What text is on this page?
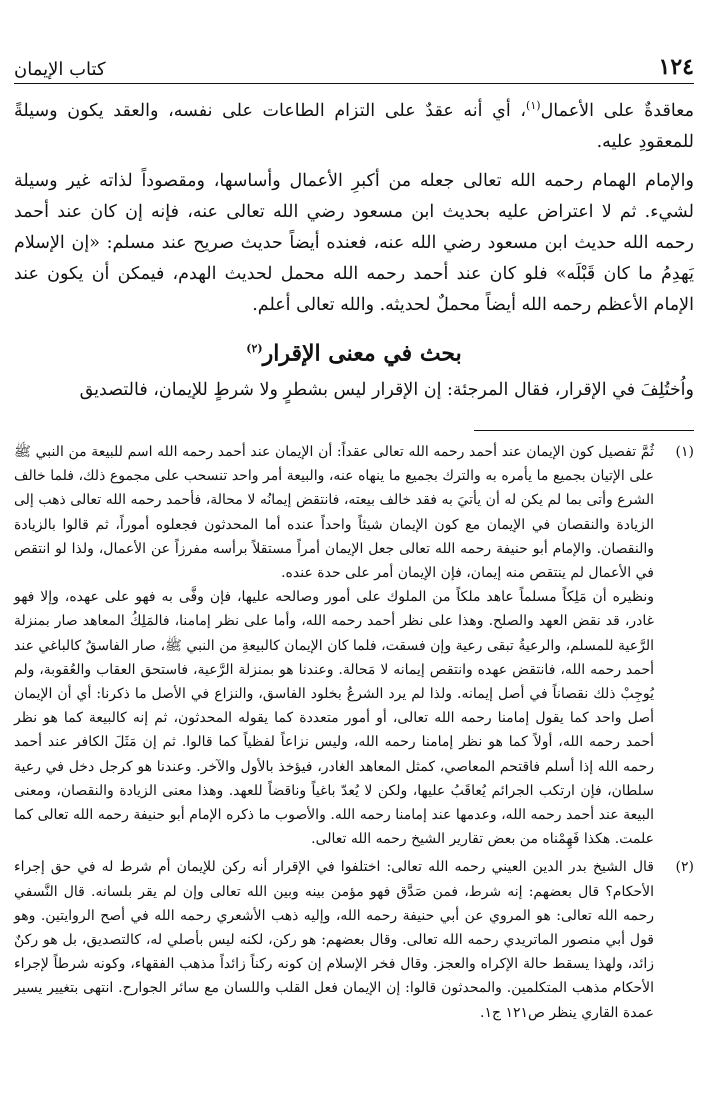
١٢٤
كتاب الإيمان

معاقدةٌ على الأعمال$^{(١)}$، أي أنه عقدٌ على التزام الطاعات على نفسه، والعقد يكون وسيلةً للمعقودِ عليه.

والإمام الهمام رحمه الله تعالى جعله من أكبرِ الأعمال وأساسها، ومقصوداً لذاته غير وسيلة لشيء. ثم لا اعتراض عليه بحديث ابن مسعود رضي الله تعالى عنه، فإنه إن كان عند أحمد رحمه الله حديث ابن مسعود رضي الله عنه، فعنده أيضاً حديث صريح عند مسلم: «إن الإسلام يَهدِمُ ما كان قَبْلَه» فلو كان عند أحمد رحمه الله محمل لحديث الهدم، فيمكن أن يكون عند الإمام الأعظم رحمه الله أيضاً محملٌ لحديثه. والله تعالى أعلم.

بحث في معنى الإقرار$^{(٢)}$

واُختُلِفَ في الإقرار، فقال المرجئة: إن الإقرار ليس بشطرٍ ولا شرطٍ للإيمان، فالتصديق

(١)

ثُمَّ تفصيل كون الإيمان عند أحمد رحمه الله تعالى عقداً: أن الإيمان عند أحمد رحمه الله اسم للبيعة من النبي ﷺ على الإتيان بجميع ما يأمره به والترك بجميع ما ينهاه عنه، والبيعة أمر واحد تنسحب على مجموع ذلك، فلما خالف الشرع وأتى بما لم يكن له أن يأتيَ به فقد خالف بيعته، فانتقض إيمانُه لا محالة، فأحمد رحمه الله تعالى ذهب إلى الزيادة والنقصان في الإيمان مع كون الإيمان شيئاً واحداً عنده أما المحدثون فجعلوه أموراً، ثم قالوا بالزيادة والنقصان. والإمام أبو حنيفة رحمه الله تعالى جعل الإيمان أمراً مستقلاً برأسه مفرزاً عن الأعمال، ولذا لو انتقص في الأعمال لم ينتقص منه إيمان، فإن الإيمان أمر على حدة عنده.

ونظيره أن مَلِكاً مسلماً عاهد ملكاً من الملوك على أمور وصالحه عليها، فإن وفَّى به فهو على عهده، وإلا فهو غادر، قد نقض العهد والصلح. وهذا على نظر أحمد رحمه الله، وأما على نظر إمامنا، فالمَلِكُ المعاهد صار بمنزلة الرَّعية للمسلم، والرعيةُ تبقى رعية وإن فسقت، فلما كان الإيمان كالبيعةِ من النبي ﷺ، صار الفاسقُ كالباغي عند أحمد رحمه الله، فانتقض عهده وانتقص إيمانه لا مَحالة. وعندنا هو بمنزلة الرَّعية، فاستحق العقاب والعُقوبة، ولم يُوجِبْ ذلك نقصاناً في أصل إيمانه. ولذا لم يرد الشرعُ بخلود الفاسق، والنزاع في الأصل ما ذكرنا: أي أن الإيمان أصل واحد كما يقول إمامنا رحمه الله تعالى، أو أمور متعددة كما يقوله المحدثون، ثم إنه كالبيعة كما هو نظر أحمد رحمه الله، أولاً كما هو نظر إمامنا رحمه الله، وليس نزاعاً لفظياً كما قالوا. ثم إن مَثَلَ الكافر عند أحمد رحمه الله إذا أسلم فاقتحم المعاصي، كمثل المعاهد الغادر، فيؤخذ بالأول والآخر. وعندنا هو كرجل دخل في رعية سلطان، فإن ارتكب الجرائم يُعاقَبُ عليها، ولكن لا يُعدّ باغياً وناقضاً للعهد. وهذا معنى الزيادة والنقصان، ومعنى البيعة عند أحمد رحمه الله، وعدمها عند إمامنا رحمه الله. والأصوب ما ذكره الإمام أبو حنيفة رحمه الله تعالى كما علمت. هكذا فَهِمْناه من بعض تقارير الشيخ رحمه الله تعالى.

(٢)

قال الشيخ بدر الدين العيني رحمه الله تعالى: اختلفوا في الإقرار أنه ركن للإيمان أم شرط له في حق إجراء الأحكام؟ قال بعضهم: إنه شرط، فمن صَدَّق فهو مؤمن بينه وبين الله تعالى وإن لم يقر بلسانه. قال النَّسفي رحمه الله تعالى: هو المروي عن أبي حنيفة رحمه الله، وإليه ذهب الأشعري رحمه الله في أصح الروايتين. وهو قول أبي منصور الماتريدي رحمه الله تعالى. وقال بعضهم: هو ركن، لكنه ليس بأصلي له، كالتصديق، بل هو ركنٌ زائد، ولهذا يسقط حالة الإكراه والعجز. وقال فخر الإسلام إن كونه ركناً زائداً مذهب الفقهاء، وكونه شرطاً لإجراء الأحكام مذهب المتكلمين. والمحدثون قالوا: إن الإيمان فعل القلب واللسان مع سائر الجوارح. انتهى بتغيير يسير عمدة القاري ينظر ص١٢١ ج١.
